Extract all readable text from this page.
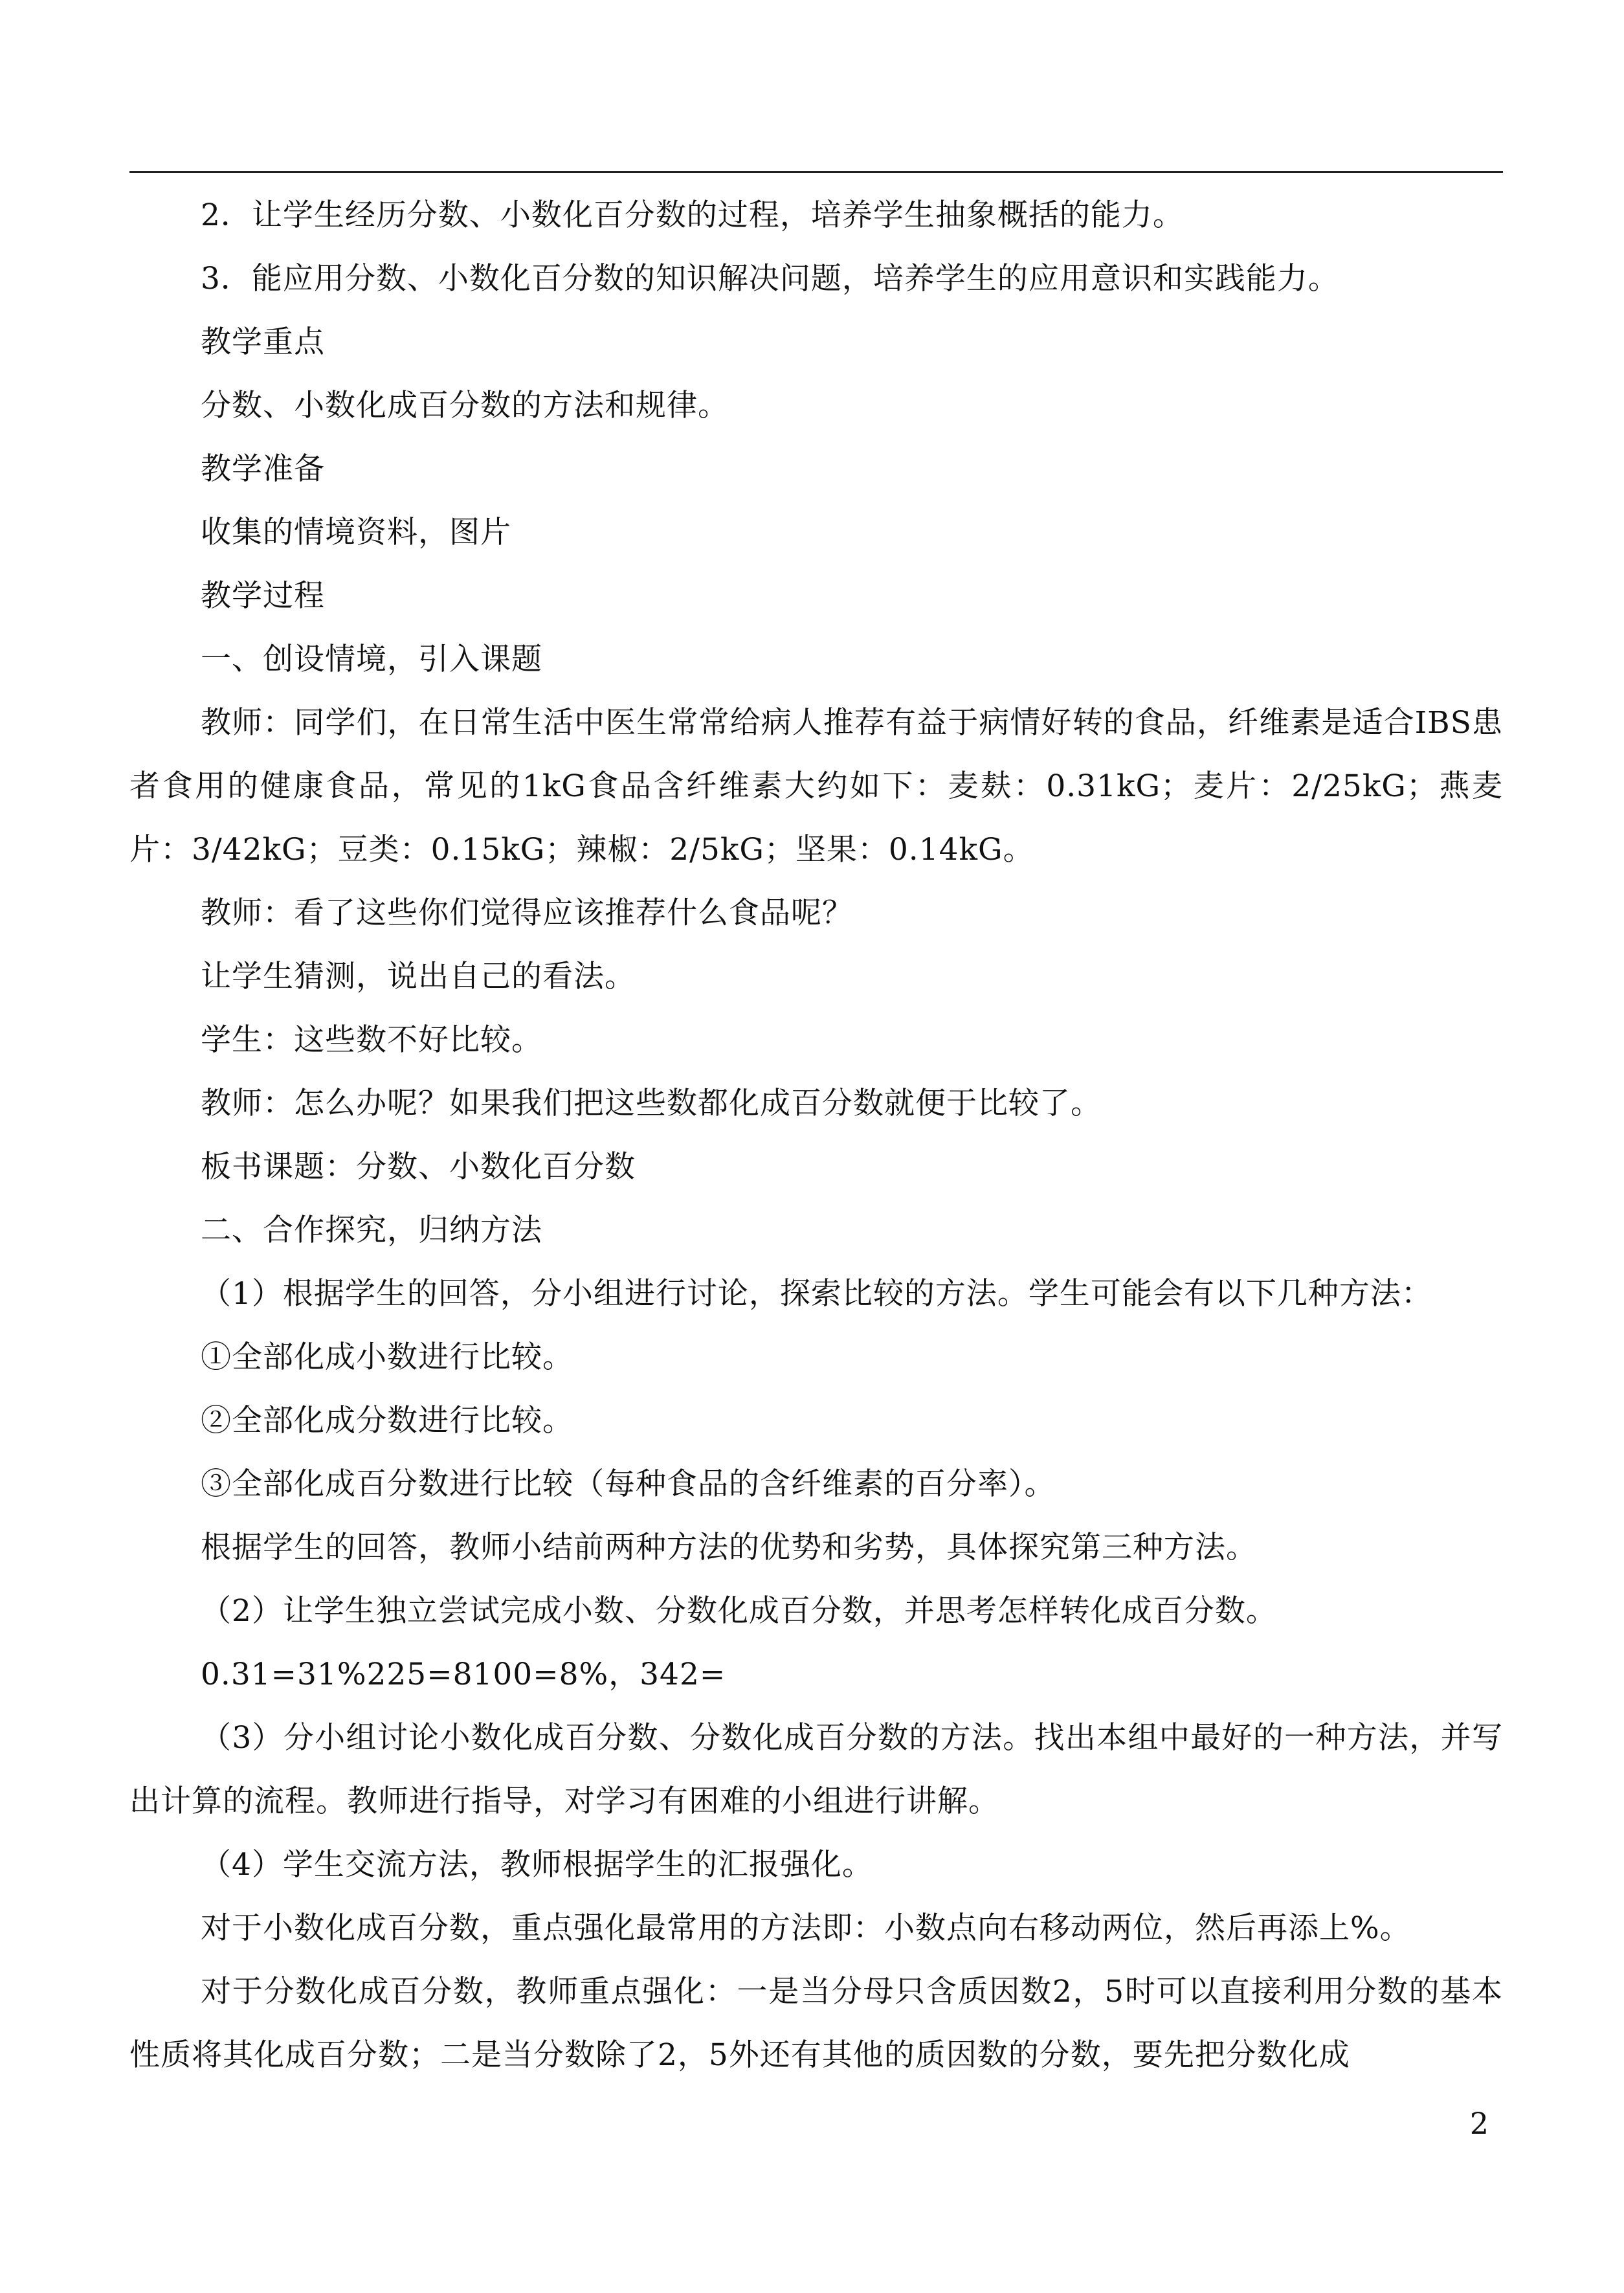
2．让学生经历分数、小数化百分数的过程，培养学生抽象概括的能力。

3．能应用分数、小数化百分数的知识解决问题，培养学生的应用意识和实践能力。

教学重点

分数、小数化成百分数的方法和规律。

教学准备

收集的情境资料，图片

教学过程

一、创设情境，引入课题

教师：同学们，在日常生活中医生常常给病人推荐有益于病情好转的食品，纤维素是适合IBS患者食用的健康食品，常见的1kG食品含纤维素大约如下：麦麸：0.31kG；麦片：2/25kG；燕麦片：3/42kG；豆类：0.15kG；辣椒：2/5kG；坚果：0.14kG。

教师：看了这些你们觉得应该推荐什么食品呢？

让学生猜测，说出自己的看法。

学生：这些数不好比较。

教师：怎么办呢？如果我们把这些数都化成百分数就便于比较了。

板书课题：分数、小数化百分数

二、合作探究，归纳方法

（1）根据学生的回答，分小组进行讨论，探索比较的方法。学生可能会有以下几种方法：

①全部化成小数进行比较。

②全部化成分数进行比较。

③全部化成百分数进行比较（每种食品的含纤维素的百分率）。

根据学生的回答，教师小结前两种方法的优势和劣势，具体探究第三种方法。

（2）让学生独立尝试完成小数、分数化成百分数，并思考怎样转化成百分数。

0.31=31%225=8100=8%，342=

（3）分小组讨论小数化成百分数、分数化成百分数的方法。找出本组中最好的一种方法，并写出计算的流程。教师进行指导，对学习有困难的小组进行讲解。

（4）学生交流方法，教师根据学生的汇报强化。

对于小数化成百分数，重点强化最常用的方法即：小数点向右移动两位，然后再添上%。

对于分数化成百分数，教师重点强化：一是当分母只含质因数2，5时可以直接利用分数的基本性质将其化成百分数；二是当分数除了2，5外还有其他的质因数的分数，要先把分数化成

2
